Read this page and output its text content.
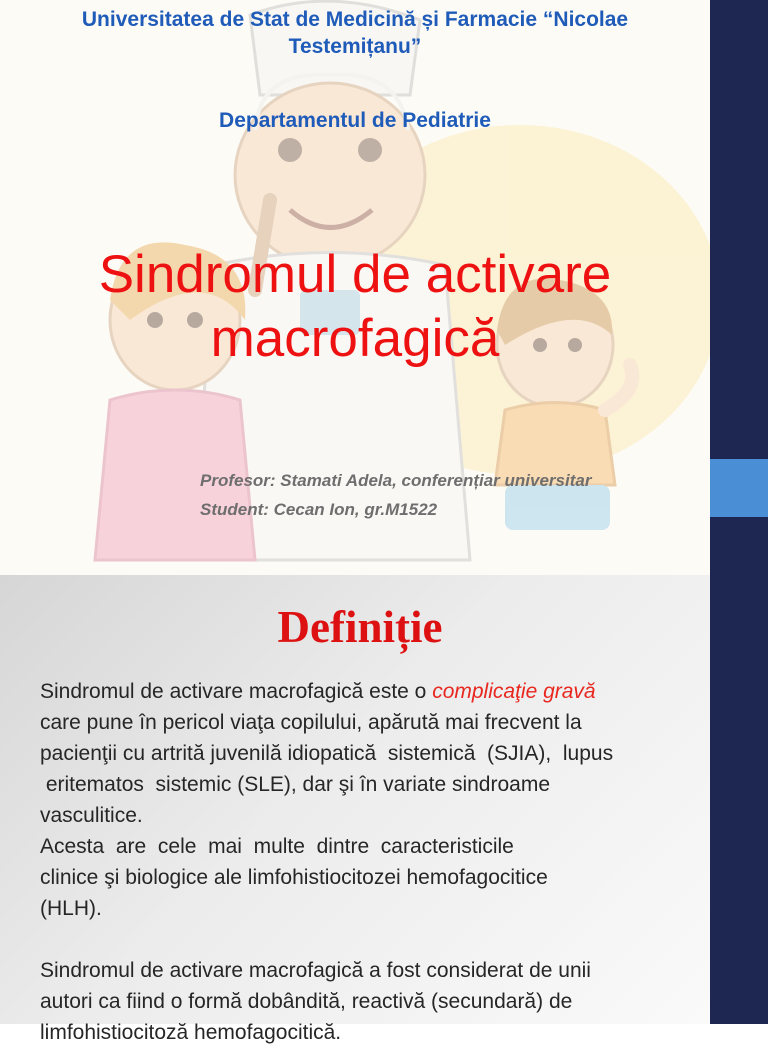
Universitatea de Stat de Medicină și Farmacie “Nicolae Testemițanu”
Departamentul de Pediatrie
Sindromul de activare macrofagică
Profesor: Stamati Adela, conferențiar universitar
Student: Cecan Ion, gr.M1522
Definiție
Sindromul de activare macrofagică este o complicaţie gravă
care pune în pericol viaţa copilului, apărută mai frecvent la
pacienţii cu artrită juvenilă idiopatică  sistemică  (SJIA),  lupus
eritematos  sistemic (SLE), dar şi în variate sindroame
vasculitice.
Acesta  are  cele  mai  multe  dintre  caracteristicile
clinice şi biologice ale limfohistiocitozei hemofagocitice
(HLH).

Sindromul de activare macrofagică a fost considerat de unii
autori ca fiind o formă dobândită, reactivă (secundară) de
limfohistiocitoză hemofagocitică.
